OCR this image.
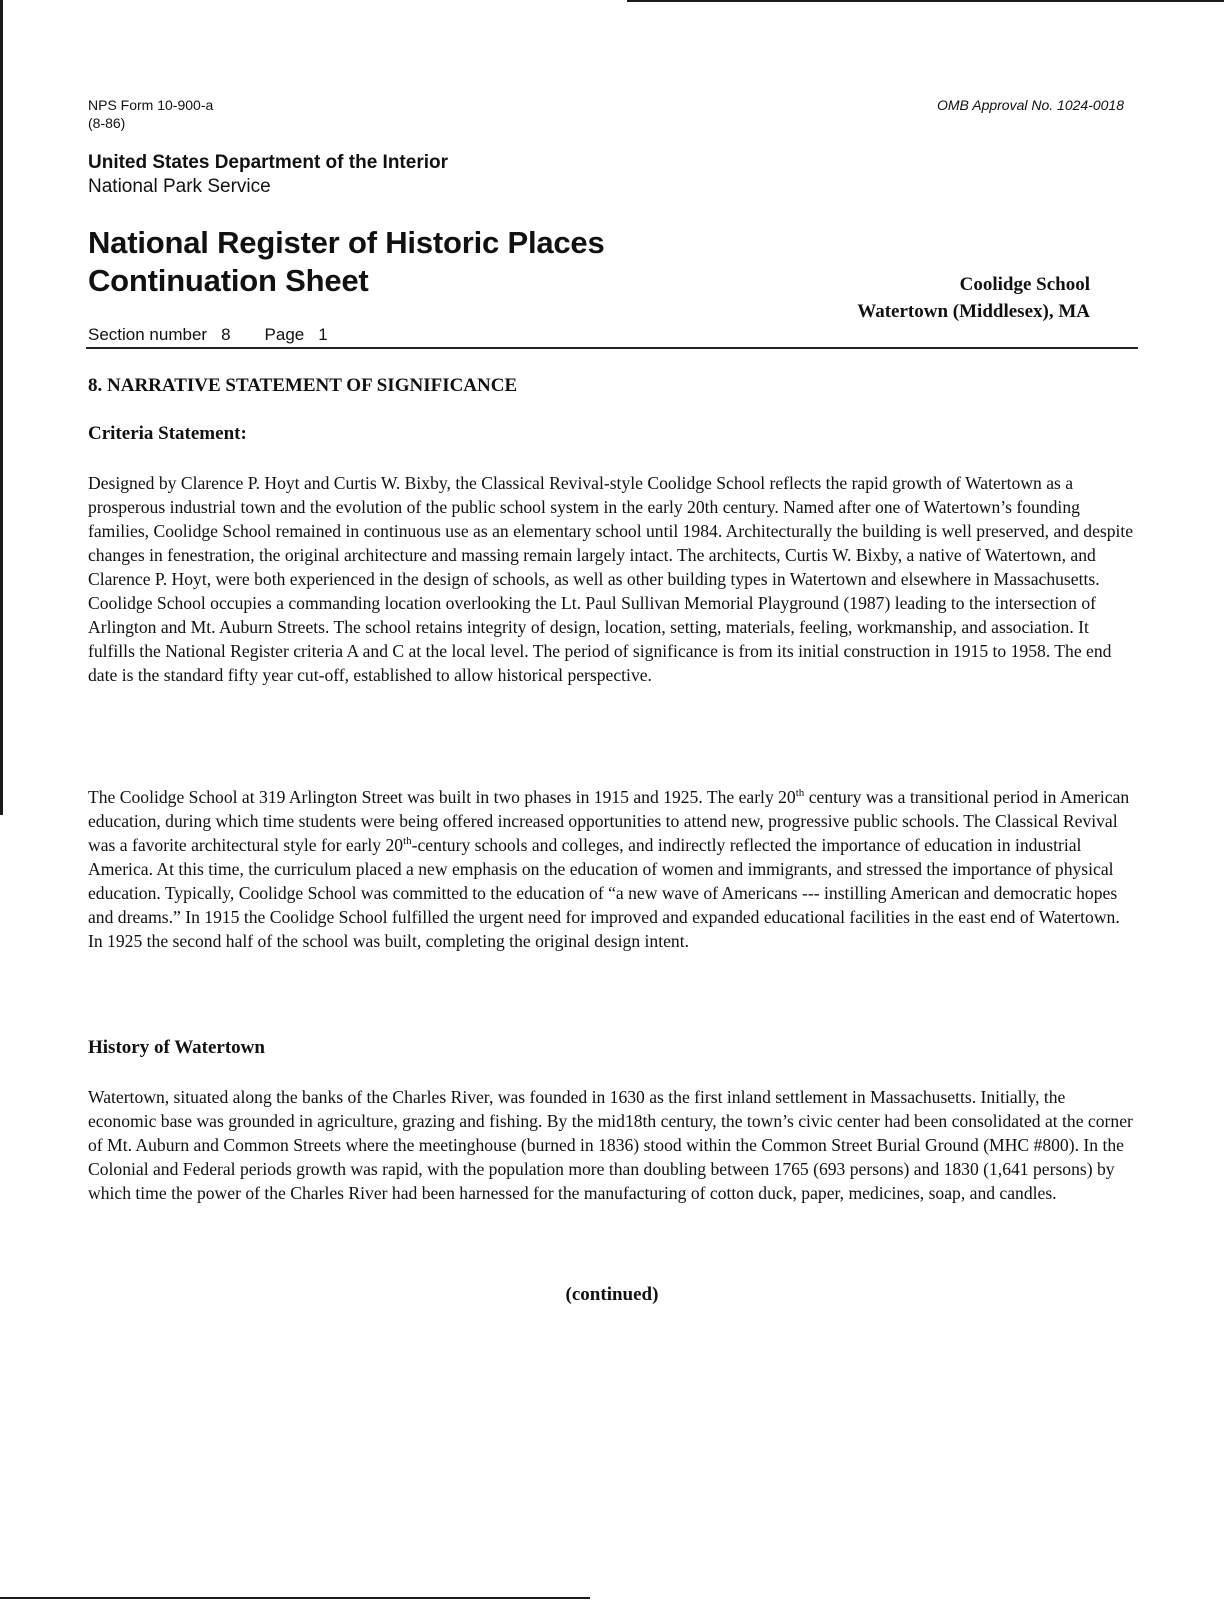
NPS Form 10-900-a
(8-86)
OMB Approval No. 1024-0018
United States Department of the Interior
National Park Service
National Register of Historic Places
Continuation Sheet	Coolidge School
Watertown (Middlesex), MA
Section number 8 Page 1
8. NARRATIVE STATEMENT OF SIGNIFICANCE
Criteria Statement:

Designed by Clarence P. Hoyt and Curtis W. Bixby, the Classical Revival-style Coolidge School reflects the rapid growth of Watertown as a prosperous industrial town and the evolution of the public school system in the early 20th century. Named after one of Watertown’s founding families, Coolidge School remained in continuous use as an elementary school until 1984. Architecturally the building is well preserved, and despite changes in fenestration, the original architecture and massing remain largely intact. The architects, Curtis W. Bixby, a native of Watertown, and Clarence P. Hoyt, were both experienced in the design of schools, as well as other building types in Watertown and elsewhere in Massachusetts. Coolidge School occupies a commanding location overlooking the Lt. Paul Sullivan Memorial Playground (1987) leading to the intersection of Arlington and Mt. Auburn Streets. The school retains integrity of design, location, setting, materials, feeling, workmanship, and association. It fulfills the National Register criteria A and C at the local level. The period of significance is from its initial construction in 1915 to 1958. The end date is the standard fifty year cut-off, established to allow historical perspective.

The Coolidge School at 319 Arlington Street was built in two phases in 1915 and 1925. The early 20th century was a transitional period in American education, during which time students were being offered increased opportunities to attend new, progressive public schools. The Classical Revival was a favorite architectural style for early 20th-century schools and colleges, and indirectly reflected the importance of education in industrial America. At this time, the curriculum placed a new emphasis on the education of women and immigrants, and stressed the importance of physical education. Typically, Coolidge School was committed to the education of “a new wave of Americans --- instilling American and democratic hopes and dreams.” In 1915 the Coolidge School fulfilled the urgent need for improved and expanded educational facilities in the east end of Watertown. In 1925 the second half of the school was built, completing the original design intent.

History of Watertown

Watertown, situated along the banks of the Charles River, was founded in 1630 as the first inland settlement in Massachusetts. Initially, the economic base was grounded in agriculture, grazing and fishing. By the mid18th century, the town’s civic center had been consolidated at the corner of Mt. Auburn and Common Streets where the meetinghouse (burned in 1836) stood within the Common Street Burial Ground (MHC #800). In the Colonial and Federal periods growth was rapid, with the population more than doubling between 1765 (693 persons) and 1830 (1,641 persons) by which time the power of the Charles River had been harnessed for the manufacturing of cotton duck, paper, medicines, soap, and candles.

(continued)
